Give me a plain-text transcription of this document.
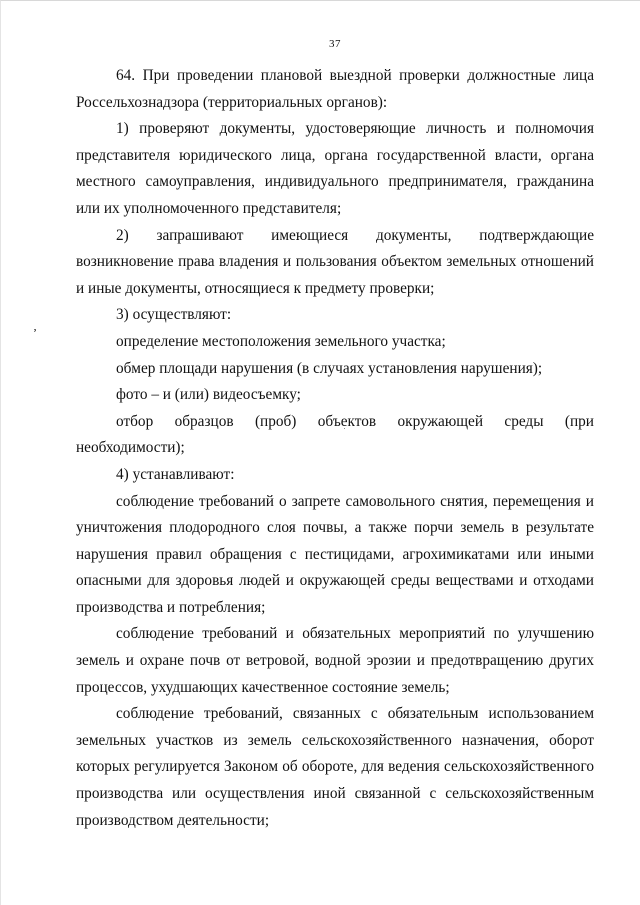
37
ʼ

64. При проведении плановой выездной проверки должностные лица Россельхознадзора (территориальных органов):

1) проверяют документы, удостоверяющие личность и полномочия представителя юридического лица, органа государственной власти, органа местного самоуправления, индивидуального предпринимателя, гражданина или их уполномоченного представителя;

2) запрашивают имеющиеся документы, подтверждающие возникновение права владения и пользования объектом земельных отношений и иные документы, относящиеся к предмету проверки;

3) осуществляют:

определение местоположения земельного участка;

обмер площади нарушения (в случаях установления нарушения);

фото – и (или) видеосъемку;

отбор образцов (проб) объектов окружающей среды (при необходимости);

4) устанавливают:

соблюдение требований о запрете самовольного снятия, перемещения и уничтожения плодородного слоя почвы, а также порчи земель в результате нарушения правил обращения с пестицидами, агрохимикатами или иными опасными для здоровья людей и окружающей среды веществами и отходами производства и потребления;

соблюдение требований и обязательных мероприятий по улучшению земель и охране почв от ветровой, водной эрозии и предотвращению других процессов, ухудшающих качественное состояние земель;

соблюдение требований, связанных с обязательным использованием земельных участков из земель сельскохозяйственного назначения, оборот которых регулируется Законом об обороте, для ведения сельскохозяйственного производства или осуществления иной связанной с сельскохозяйственным производством деятельности;
